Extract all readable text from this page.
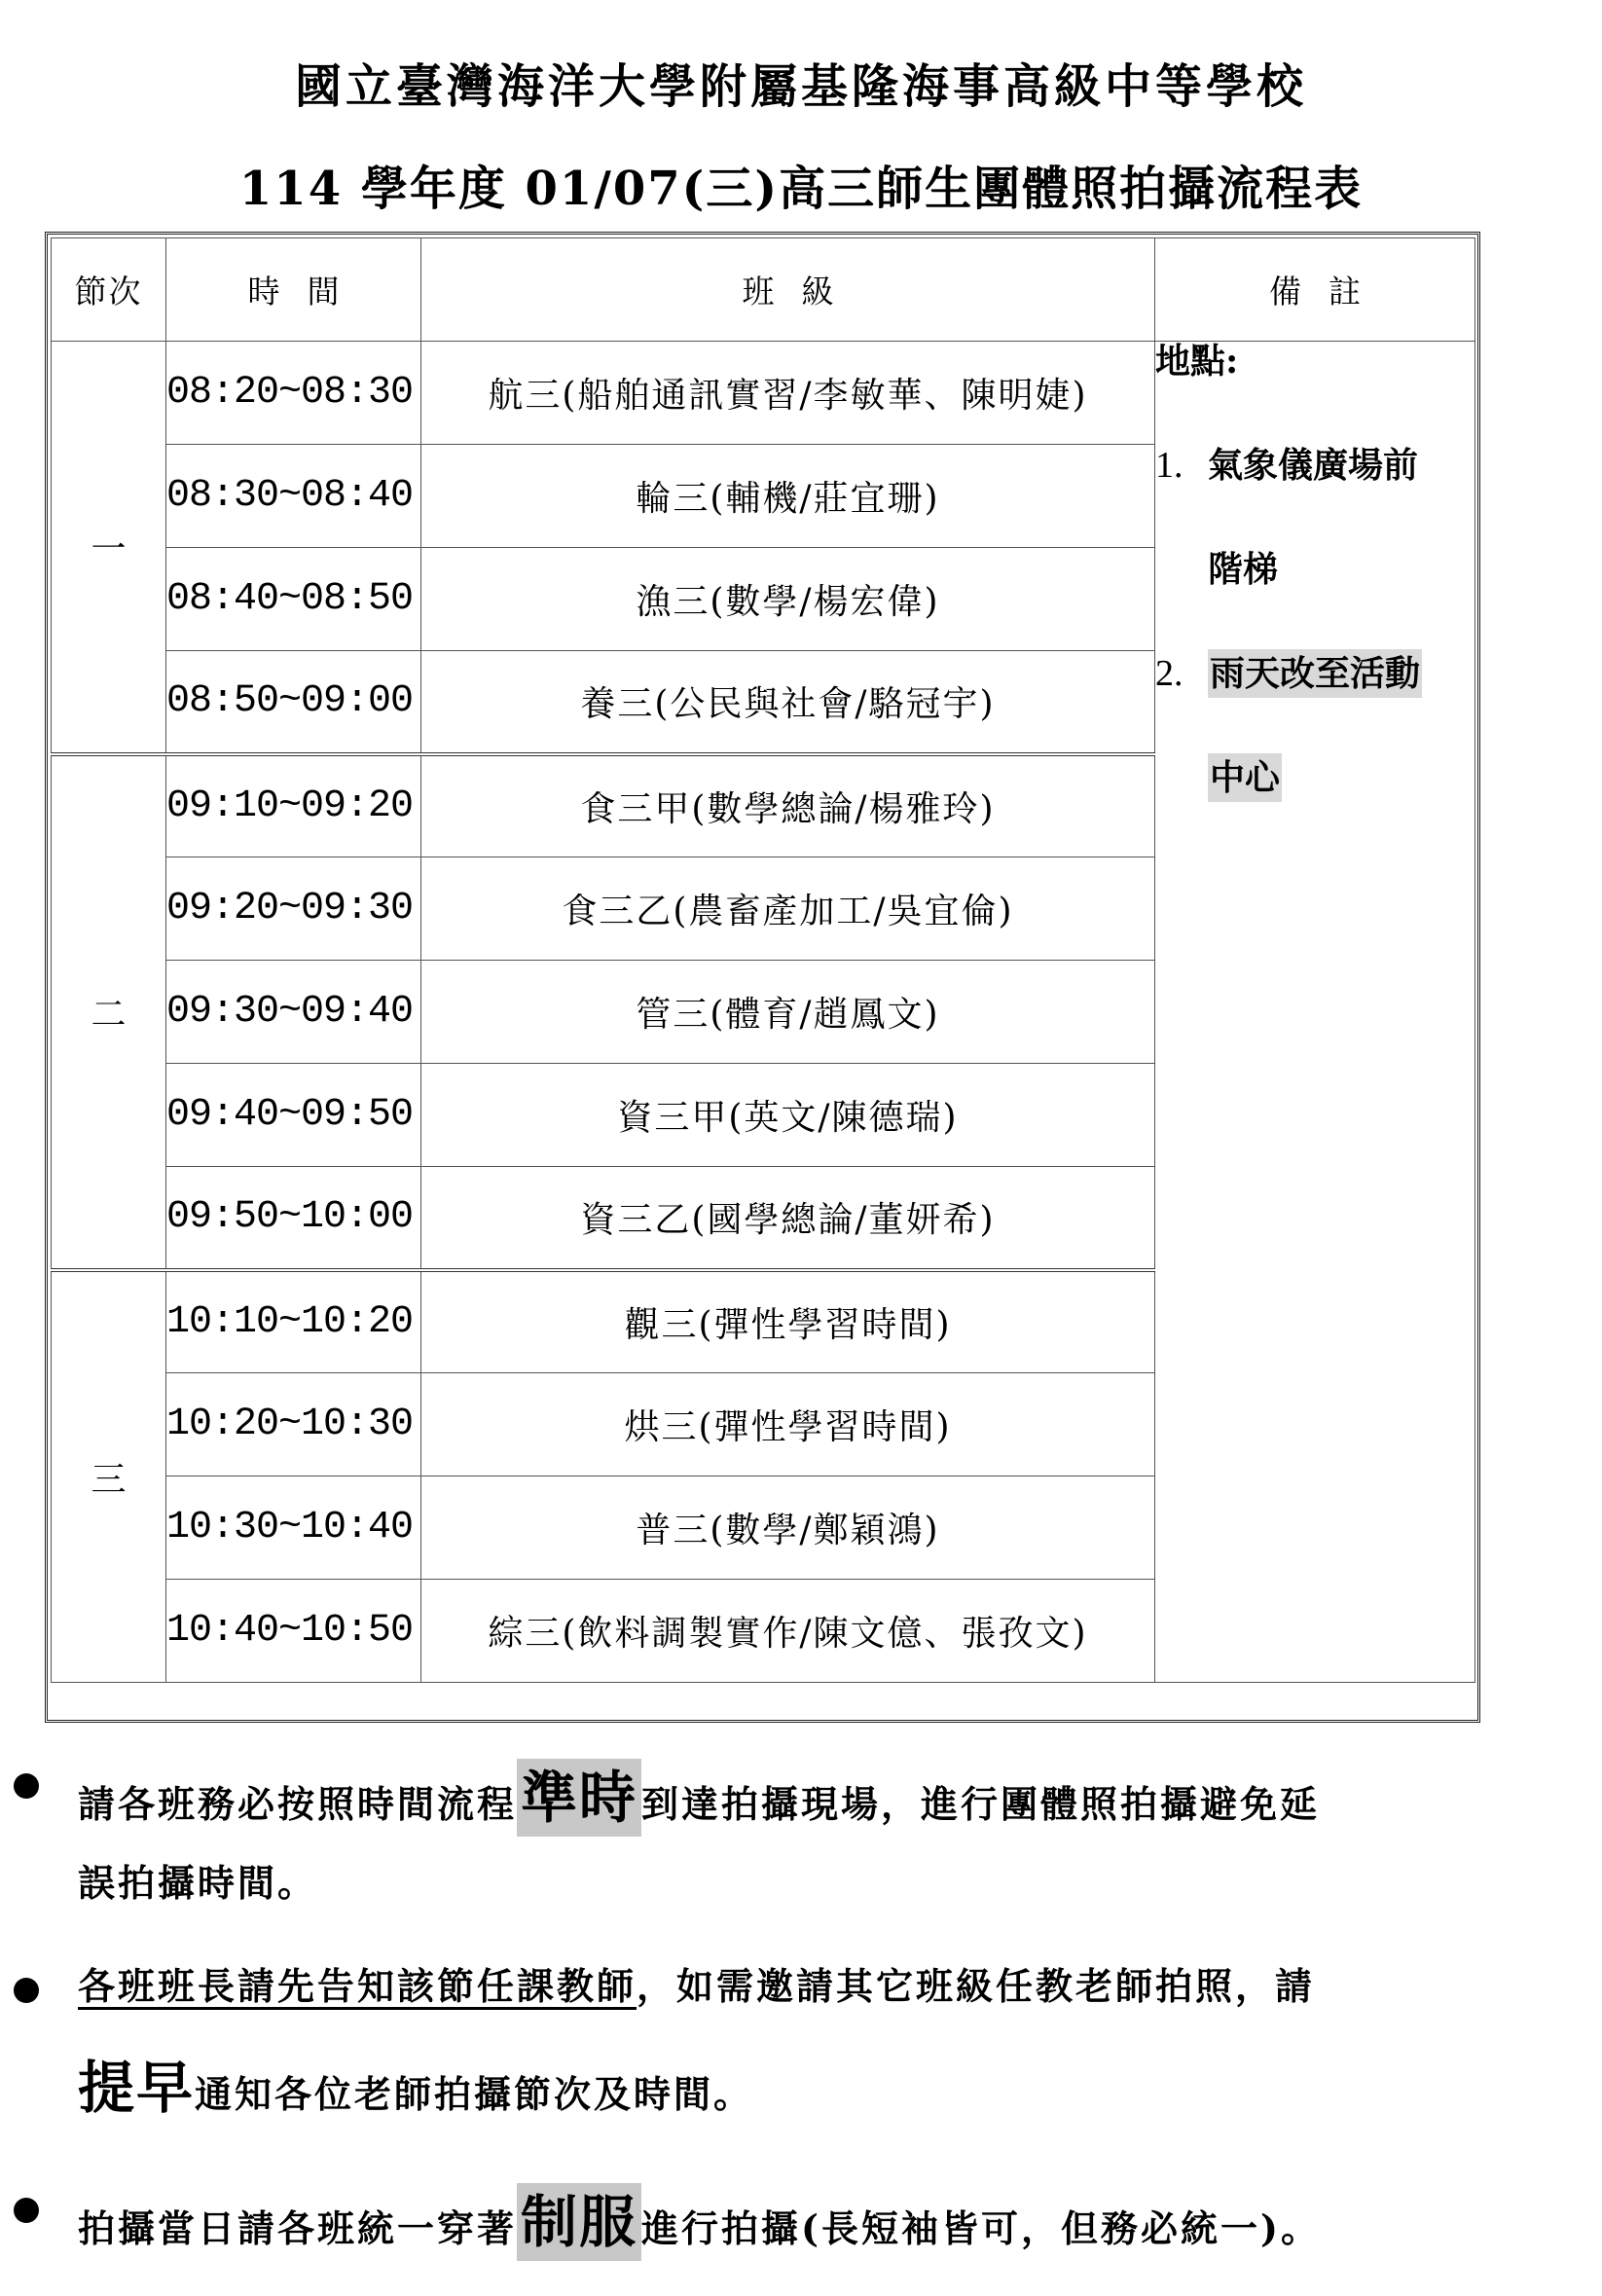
國立臺灣海洋大學附屬基隆海事高級中等學校
114 學年度 01/07(三)高三師生團體照拍攝流程表
節次	時間	班級	備註
一	08:20~08:30	航三(船舶通訊實習/李敏華、陳明婕)	地點:
1. 氣象儀廣場前
階梯
2. 雨天改至活動
中心

	08:30~08:40	輪三(輔機/莊宜珊)	
	08:40~08:50	漁三(數學/楊宏偉)	
	08:50~09:00	養三(公民與社會/駱冠宇)	
二	09:10~09:20	食三甲(數學總論/楊雅玲)	
	09:20~09:30	食三乙(農畜產加工/吳宜倫)	
	09:30~09:40	管三(體育/趙鳳文)	
	09:40~09:50	資三甲(英文/陳德瑞)	
	09:50~10:00	資三乙(國學總論/董妍希)	
三	10:10~10:20	觀三(彈性學習時間)	
	10:20~10:30	烘三(彈性學習時間)	
	10:30~10:40	普三(數學/鄭穎鴻)	
	10:40~10:50	綜三(飲料調製實作/陳文億、張孜文)	
請各班務必按照時間流程準時 到達拍攝現場，進行團體照拍攝避免延
誤拍攝時間。
各班班長請先告知該節任課教師，如需邀請其它班級任教老師拍照，請
提早通知各位老師拍攝節次及時間。
拍攝當日請各班統一穿著制服 進行拍攝(長短袖皆可，但務必統一)。
